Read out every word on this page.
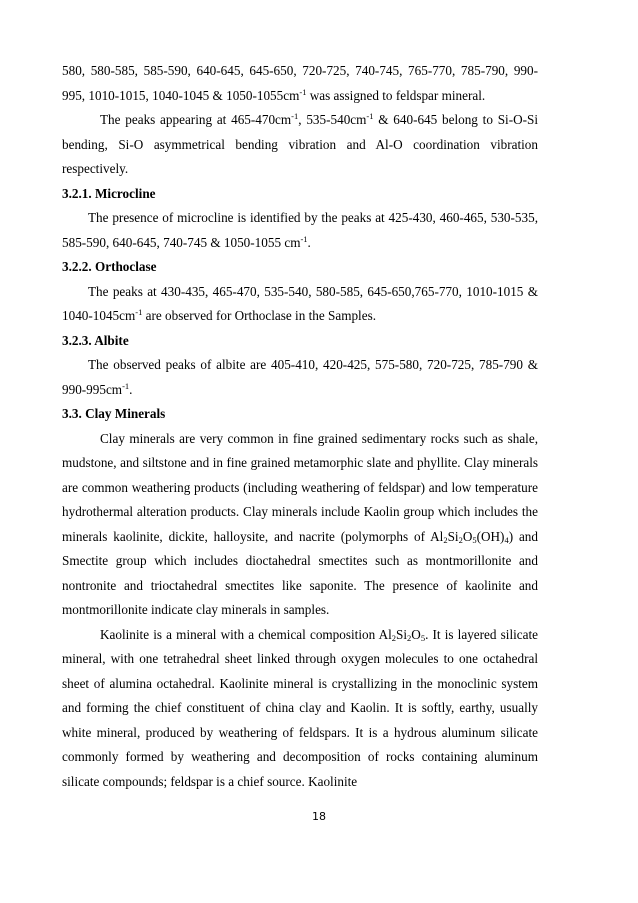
580, 580-585, 585-590, 640-645, 645-650, 720-725, 740-745, 765-770, 785-790, 990-995, 1010-1015, 1040-1045 & $1050-1055cm^{-1}$ was assigned to feldspar mineral.

The peaks appearing at $465-470cm^{-1}$, $535-540cm^{-1}$ & 640-645 belong to Si-O-Si bending, Si-O asymmetrical bending vibration and Al-O coordination vibration respectively.

3.2.1. Microcline

The presence of microcline is identified by the peaks at 425-430, 460-465, 530-535, 585-590, 640-645, 740-745 & 1050-1055 $cm^{-1}$.

3.2.2. Orthoclase

The peaks at 430-435, 465-470, 535-540, 580-585, 645-650,765-770, 1010-1015 & $1040-1045cm^{-1}$ are observed for Orthoclase in the Samples.

3.2.3. Albite

The observed peaks of albite are 405-410, 420-425, 575-580, 720-725, 785-790 & $990-995cm^{-1}$.

3.3. Clay Minerals

Clay minerals are very common in fine grained sedimentary rocks such as shale, mudstone, and siltstone and in fine grained metamorphic slate and phyllite. Clay minerals are common weathering products (including weathering of feldspar) and low temperature hydrothermal alteration products. Clay minerals include Kaolin group which includes the minerals kaolinite, dickite, halloysite, and nacrite (polymorphs of $Al_2Si_2O_5(OH)_4$) and Smectite group which includes dioctahedral smectites such as montmorillonite and nontronite and trioctahedral smectites like saponite. The presence of kaolinite and montmorillonite indicate clay minerals in samples.

Kaolinite is a mineral with a chemical composition $Al_2Si_2O_5$. It is layered silicate mineral, with one tetrahedral sheet linked through oxygen molecules to one octahedral sheet of alumina octahedral. Kaolinite mineral is crystallizing in the monoclinic system and forming the chief constituent of china clay and Kaolin. It is softly, earthy, usually white mineral, produced by weathering of feldspars. It is a hydrous aluminum silicate commonly formed by weathering and decomposition of rocks containing aluminum silicate compounds; feldspar is a chief source. Kaolinite

18
